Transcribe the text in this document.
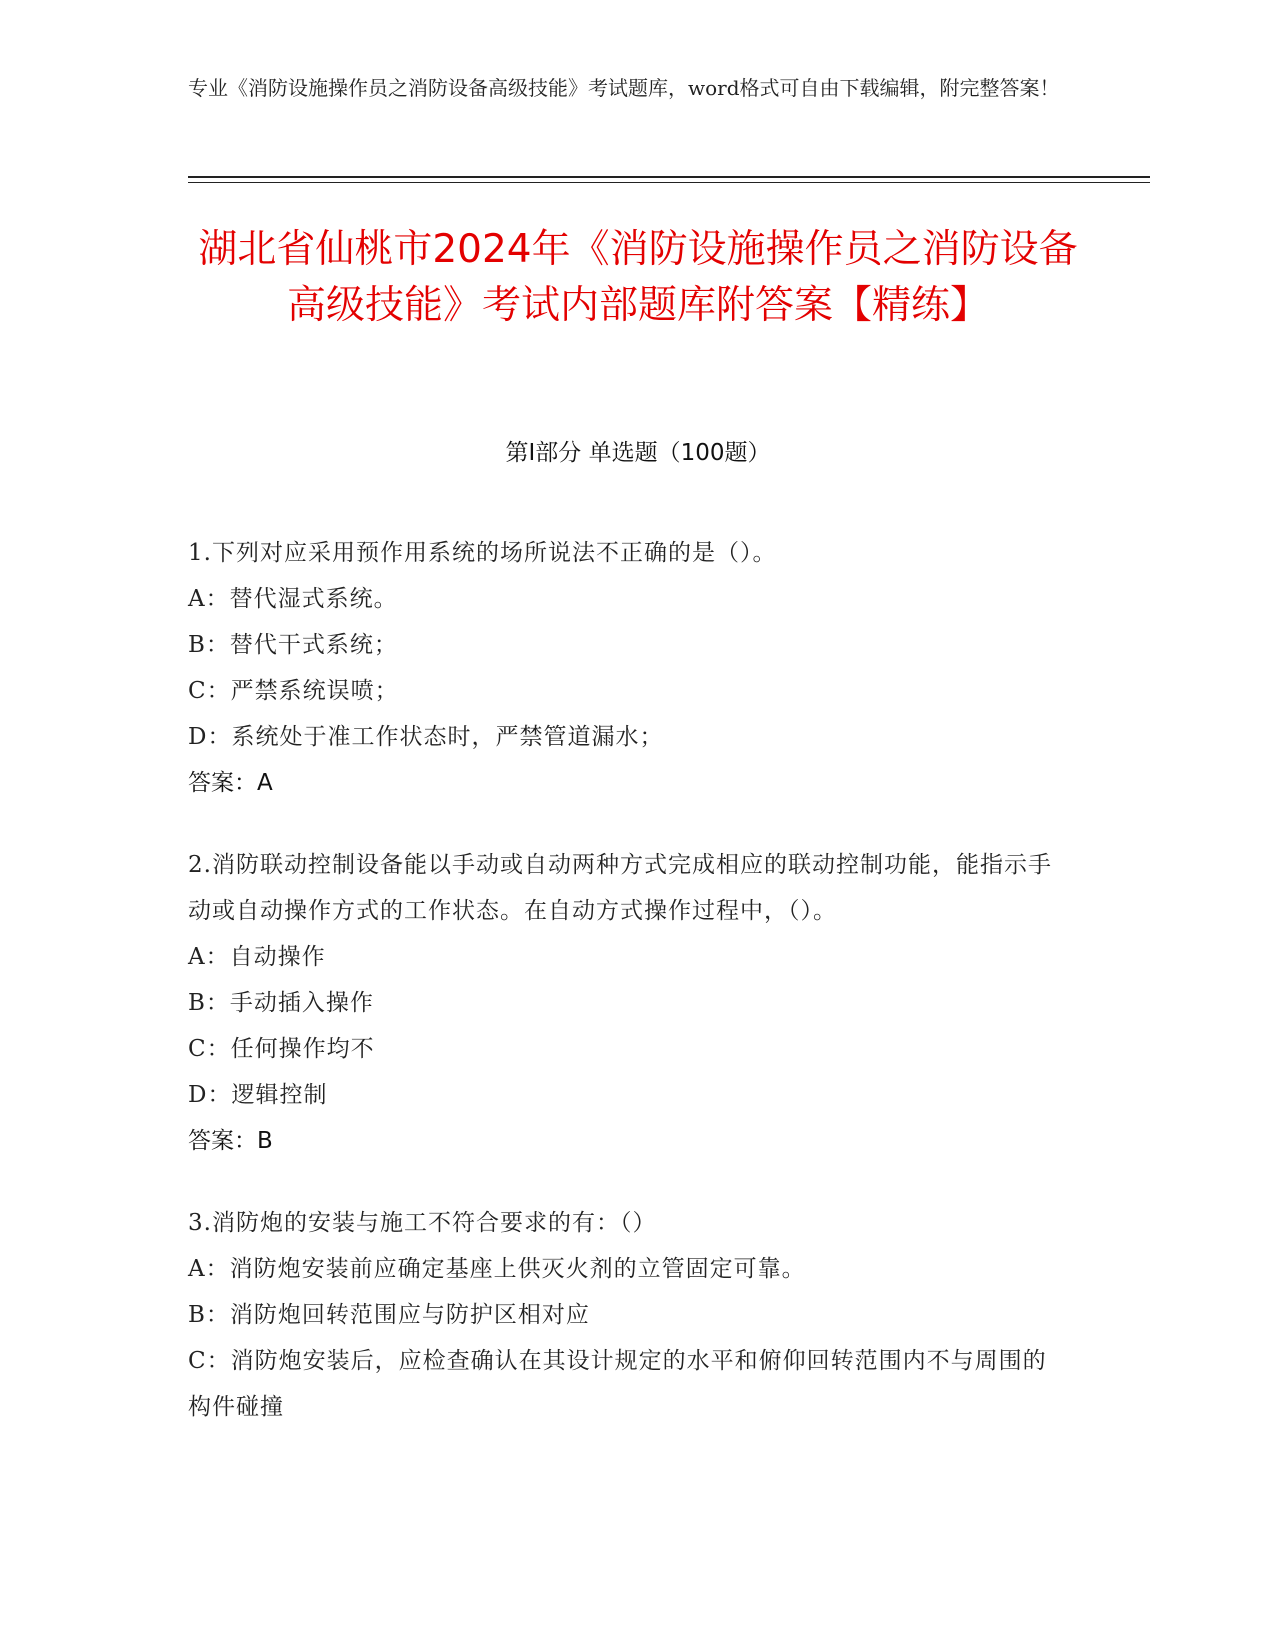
专业《消防设施操作员之消防设备高级技能》考试题库，word格式可自由下载编辑，附完整答案！
湖北省仙桃市2024年《消防设施操作员之消防设备高级技能》考试内部题库附答案【精练】
第I部分 单选题（100题）
1.下列对应采用预作用系统的场所说法不正确的是（）。
A：替代湿式系统。
B：替代干式系统；
C：严禁系统误喷；
D：系统处于准工作状态时，严禁管道漏水；
答案：A
2.消防联动控制设备能以手动或自动两种方式完成相应的联动控制功能，能指示手动或自动操作方式的工作状态。在自动方式操作过程中，（）。
A：自动操作
B：手动插入操作
C：任何操作均不
D：逻辑控制
答案：B
3.消防炮的安装与施工不符合要求的有：（）
A：消防炮安装前应确定基座上供灭火剂的立管固定可靠。
B：消防炮回转范围应与防护区相对应
C：消防炮安装后，应检查确认在其设计规定的水平和俯仰回转范围内不与周围的构件碰撞
